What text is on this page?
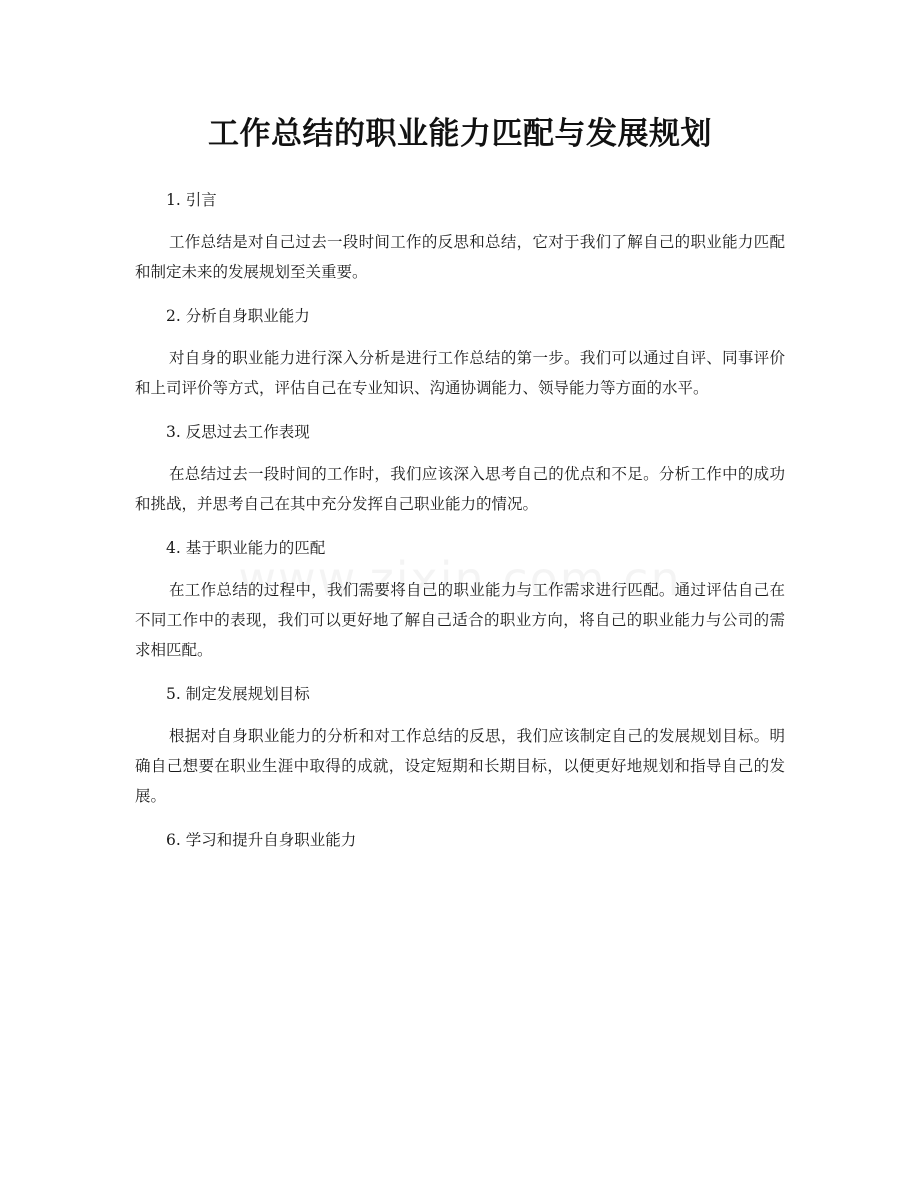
工作总结的职业能力匹配与发展规划

1. 引言

工作总结是对自己过去一段时间工作的反思和总结，它对于我们了解自己的职业能力匹配和制定未来的发展规划至关重要。

2. 分析自身职业能力

对自身的职业能力进行深入分析是进行工作总结的第一步。我们可以通过自评、同事评价和上司评价等方式，评估自己在专业知识、沟通协调能力、领导能力等方面的水平。

3. 反思过去工作表现

在总结过去一段时间的工作时，我们应该深入思考自己的优点和不足。分析工作中的成功和挑战，并思考自己在其中充分发挥自己职业能力的情况。

4. 基于职业能力的匹配

在工作总结的过程中，我们需要将自己的职业能力与工作需求进行匹配。通过评估自己在不同工作中的表现，我们可以更好地了解自己适合的职业方向，将自己的职业能力与公司的需求相匹配。

5. 制定发展规划目标

根据对自身职业能力的分析和对工作总结的反思，我们应该制定自己的发展规划目标。明确自己想要在职业生涯中取得的成就，设定短期和长期目标，以便更好地规划和指导自己的发展。

6. 学习和提升自身职业能力
